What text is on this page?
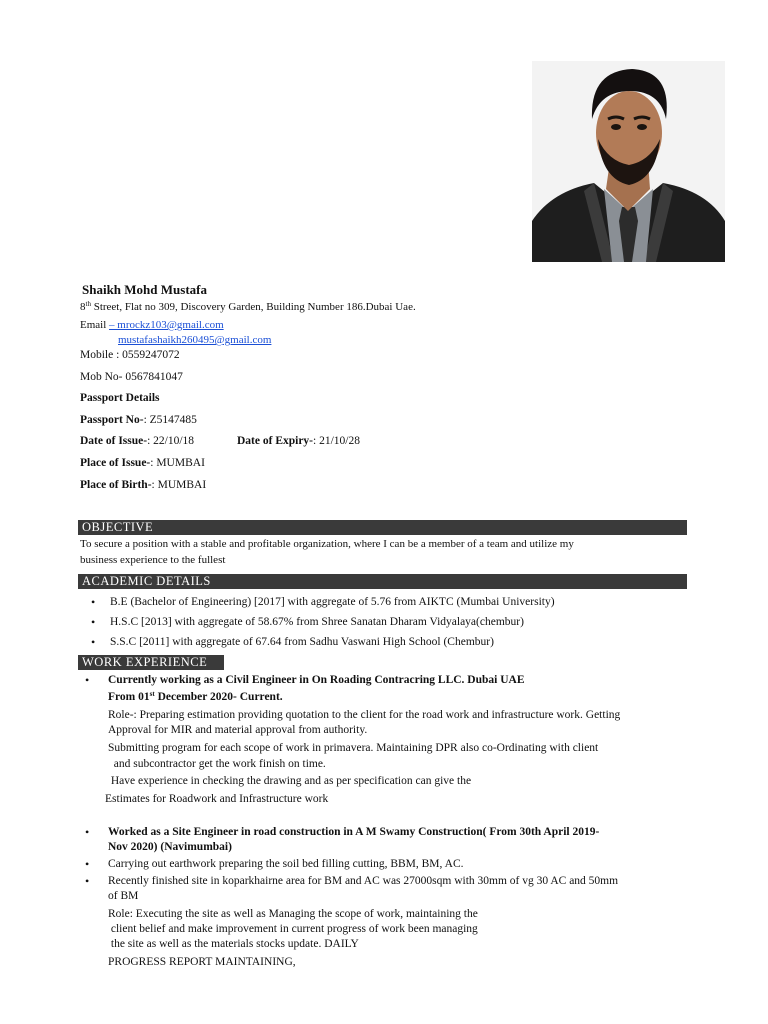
Shaikh Mohd Mustafa
8th Street, Flat no 309, Discovery Garden, Building Number 186.Dubai Uae.
Email – mrockz103@gmail.com
mustafashaikh260495@gmail.com
Mobile : 0559247072
Mob No- 0567841047
Passport Details
Passport No-: Z5147485
Date of Issue-: 22/10/18	Date of Expiry-: 21/10/28
Place of Issue-: MUMBAI
Place of Birth-: MUMBAI
OBJECTIVE
To secure a position with a stable and profitable organization, where I can be a member of a team and utilize my
business experience to the fullest
ACADEMIC DETAILS
• B.E (Bachelor of Engineering) [2017] with aggregate of 5.76 from AIKTC (Mumbai University)
• H.S.C [2013] with aggregate of 58.67% from Shree Sanatan Dharam Vidyalaya(chembur)
• S.S.C [2011] with aggregate of 67.64 from Sadhu Vaswani High School (Chembur)
WORK EXPERIENCE
• Currently working as a Civil Engineer in On Roading Contracring LLC. Dubai UAE
From 01st December 2020- Current.
Role-: Preparing estimation providing quotation to the client for the road work and infrastructure work. Getting
Approval for MIR and material approval from authority.
Submitting program for each scope of work in primavera. Maintaining DPR also co-Ordinating with client
and subcontractor get the work finish on time.
Have experience in checking the drawing and as per specification can give the
Estimates for Roadwork and Infrastructure work
• Worked as a Site Engineer in road construction in A M Swamy Construction( From 30th April 2019-
Nov 2020) (Navimumbai)
• Carrying out earthwork preparing the soil bed filling cutting, BBM, BM, AC.
• Recently finished site in koparkhairne area for BM and AC was 27000sqm with 30mm of vg 30 AC and 50mm
of BM
Role: Executing the site as well as Managing the scope of work, maintaining the
client belief and make improvement in current progress of work been managing
the site as well as the materials stocks update. DAILY
PROGRESS REPORT MAINTAINING,
